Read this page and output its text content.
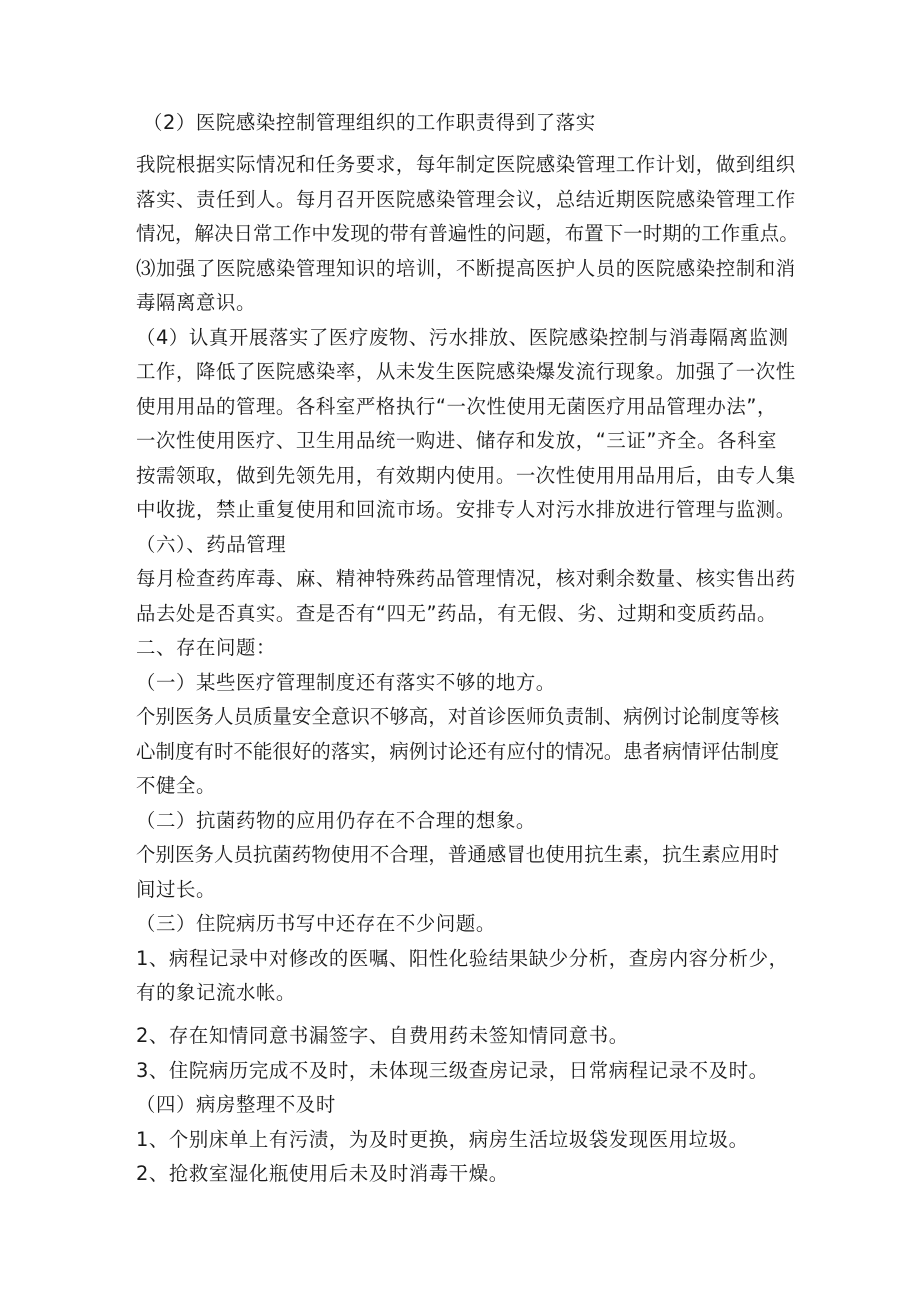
（2）医院感染控制管理组织的工作职责得到了落实
我院根据实际情况和任务要求，每年制定医院感染管理工作计划，做到组织
落实、责任到人。每月召开医院感染管理会议，总结近期医院感染管理工作
情况，解决日常工作中发现的带有普遍性的问题，布置下一时期的工作重点。
⑶加强了医院感染管理知识的培训，不断提高医护人员的医院感染控制和消
毒隔离意识。
（4）认真开展落实了医疗废物、污水排放、医院感染控制与消毒隔离监测
工作，降低了医院感染率，从未发生医院感染爆发流行现象。加强了一次性
使用用品的管理。各科室严格执行“一次性使用无菌医疗用品管理办法”，
一次性使用医疗、卫生用品统一购进、储存和发放，“三证”齐全。各科室
按需领取，做到先领先用，有效期内使用。一次性使用用品用后，由专人集
中收拢，禁止重复使用和回流市场。安排专人对污水排放进行管理与监测。
（六）、药品管理
每月检查药库毒、麻、精神特殊药品管理情况，核对剩余数量、核实售出药
品去处是否真实。查是否有“四无”药品，有无假、劣、过期和变质药品。
二、存在问题：
（一）某些医疗管理制度还有落实不够的地方。
个别医务人员质量安全意识不够高，对首诊医师负责制、病例讨论制度等核
心制度有时不能很好的落实，病例讨论还有应付的情况。患者病情评估制度
不健全。
（二）抗菌药物的应用仍存在不合理的想象。
个别医务人员抗菌药物使用不合理，普通感冒也使用抗生素，抗生素应用时
间过长。
（三）住院病历书写中还存在不少问题。
1、病程记录中对修改的医嘱、阳性化验结果缺少分析，查房内容分析少，
有的象记流水帐。
2、存在知情同意书漏签字、自费用药未签知情同意书。
3、住院病历完成不及时，未体现三级查房记录，日常病程记录不及时。
（四）病房整理不及时
1、个别床单上有污渍，为及时更换，病房生活垃圾袋发现医用垃圾。
2、抢救室湿化瓶使用后未及时消毒干燥。
